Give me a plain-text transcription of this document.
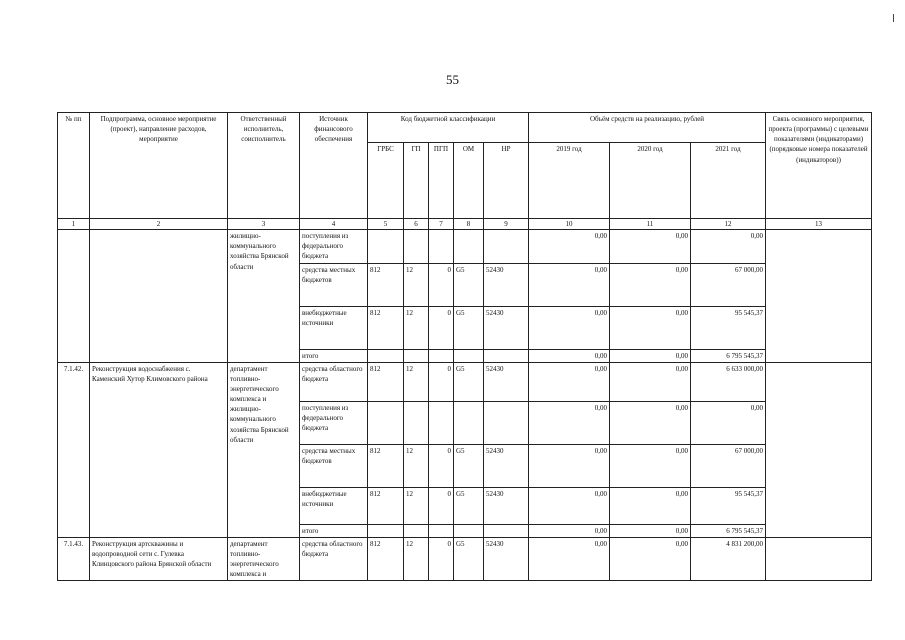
55
№ пп	Подпрограмма, основное мероприятие (проект), направление расходов, мероприятие	Ответственный исполнитель, соисполнитель	Источник финансового обеспечения	Код бюджетной классификации					Объём средств на реализацию, рублей			Связь основного мероприятия, проекта (программы) с целевыми показателями (индикаторами) (порядковые номера показателей (индикаторов))
				ГРБС	ГП	ПГП	ОМ	НР	2019 год	2020 год	2021 год	
1	2	3	4	5	6	7	8	9	10	11	12	13
		жилищно-коммунального хозяйства Брянской области	поступления из федерального бюджета						0,00	0,00	0,00	
			средства местных бюджетов	812	12	0	G5	52430	0,00	0,00	67 000,00	
			внебюджетные источники	812	12	0	G5	52430	0,00	0,00	95 545,37	
			итого						0,00	0,00	6 795 545,37	
7.1.42.	Реконструкция водоснабжения с. Каменский Хутор Климовского района	департамент топливно-энергетического комплекса и жилищно-коммунального хозяйства Брянской области	средства областного бюджета	812	12	0	G5	52430	0,00	0,00	6 633 000,00	
			поступления из федерального бюджета						0,00	0,00	0,00	
			средства местных бюджетов	812	12	0	G5	52430	0,00	0,00	67 000,00	
			внебюджетные источники	812	12	0	G5	52430	0,00	0,00	95 545,37	
			итого						0,00	0,00	6 795 545,37	
7.1.43.	Реконструкция артскважины и водопроводной сети с. Гулевка Клинцовского района Брянской области	департамент топливно-энергетического комплекса и	средства областного бюджета	812	12	0	G5	52430	0,00	0,00	4 831 200,00	
